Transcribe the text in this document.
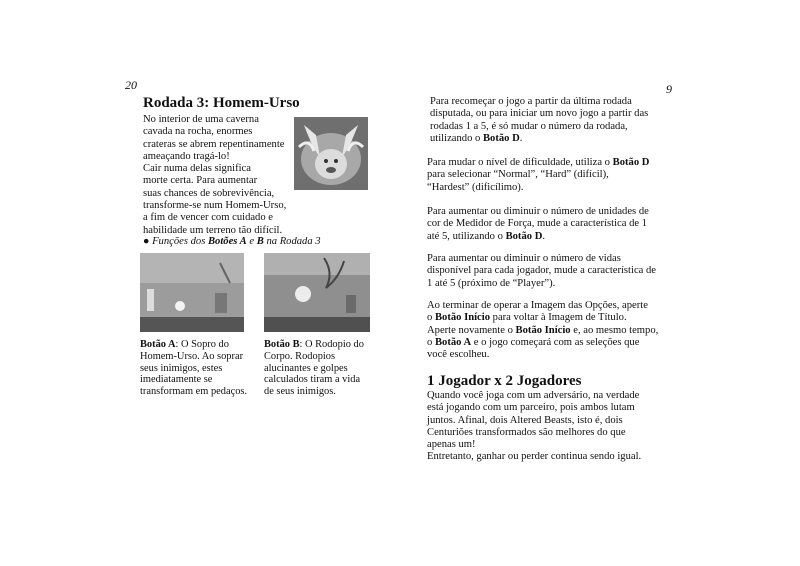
20
Rodada 3: Homem-Urso
No interior de uma caverna
cavada na rocha, enormes
crateras se abrem repentinamente
ameaçando tragá-lo!
Cair numa delas significa
morte certa. Para aumentar
suas chances de sobrevivência,
transforme-se num Homem-Urso,
a fim de vencer com cuidado e
habilidade um terreno tão difícil.
● Funções dos Botões A e B na Rodada 3
Botão A: O Sopro do
Homem-Urso. Ao soprar
seus inimigos, estes
imediatamente se
transformam em pedaços.
Botão B: O Rodopio do
Corpo. Rodopios
alucinantes e golpes
calculados tiram a vida
de seus inimigos.
9
Para recomeçar o jogo a partir da última rodada
disputada, ou para iniciar um novo jogo a partir das
rodadas 1 a 5, é só mudar o número da rodada,
utilizando o Botão D.
Para mudar o nível de dificuldade, utiliza o Botão D
para selecionar “Normal”, “Hard” (difícil),
“Hardest” (dificílimo).
Para aumentar ou diminuir o número de unidades de
cor de Medidor de Força, mude a característica de 1
até 5, utilizando o Botão D.
Para aumentar ou diminuir o número de vidas
disponível para cada jogador, mude a característica de
1 até 5 (próximo de “Player”).
Ao terminar de operar a Imagem das Opções, aperte
o Botão Início para voltar à Imagem de Título.
Aperte novamente o Botão Início e, ao mesmo tempo,
o Botão A e o jogo começará com as seleções que
você escolheu.
1 Jogador x 2 Jogadores
Quando você joga com um adversário, na verdade
está jogando com um parceiro, pois ambos lutam
juntos. Afinal, dois Altered Beasts, isto é, dois
Centuriões transformados são melhores do que
apenas um!
Entretanto, ganhar ou perder continua sendo igual.
